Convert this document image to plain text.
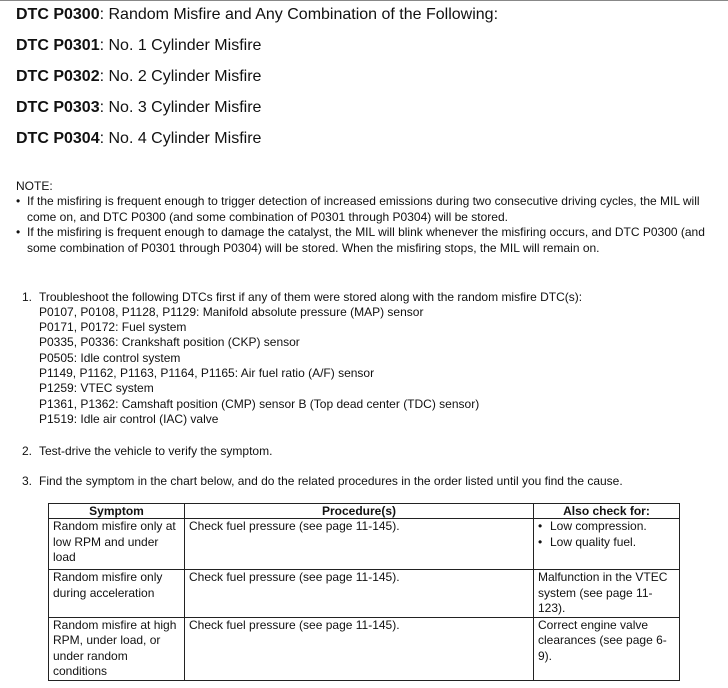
DTC P0300: Random Misfire and Any Combination of the Following:
DTC P0301: No. 1 Cylinder Misfire
DTC P0302: No. 2 Cylinder Misfire
DTC P0303: No. 3 Cylinder Misfire
DTC P0304: No. 4 Cylinder Misfire
NOTE:
• If the misfiring is frequent enough to trigger detection of increased emissions during two consecutive driving cycles, the MIL will come on, and DTC P0300 (and some combination of P0301 through P0304) will be stored.
• If the misfiring is frequent enough to damage the catalyst, the MIL will blink whenever the misfiring occurs, and DTC P0300 (and some combination of P0301 through P0304) will be stored. When the misfiring stops, the MIL will remain on.
1. Troubleshoot the following DTCs first if any of them were stored along with the random misfire DTC(s):
P0107, P0108, P1128, P1129: Manifold absolute pressure (MAP) sensor
P0171, P0172: Fuel system
P0335, P0336: Crankshaft position (CKP) sensor
P0505: Idle control system
P1149, P1162, P1163, P1164, P1165: Air fuel ratio (A/F) sensor
P1259: VTEC system
P1361, P1362: Camshaft position (CMP) sensor B (Top dead center (TDC) sensor)
P1519: Idle air control (IAC) valve
2. Test-drive the vehicle to verify the symptom.
3. Find the symptom in the chart below, and do the related procedures in the order listed until you find the cause.
Symptom	Procedure(s)	Also check for:
Random misfire only at low RPM and under load	Check fuel pressure (see page 11-145).	• Low compression.
• Low quality fuel.

Random misfire only during acceleration	Check fuel pressure (see page 11-145).	Malfunction in the VTEC system (see page 11-123).
Random misfire at high RPM, under load, or under random conditions	Check fuel pressure (see page 11-145).	Correct engine valve clearances (see page 6-9).
